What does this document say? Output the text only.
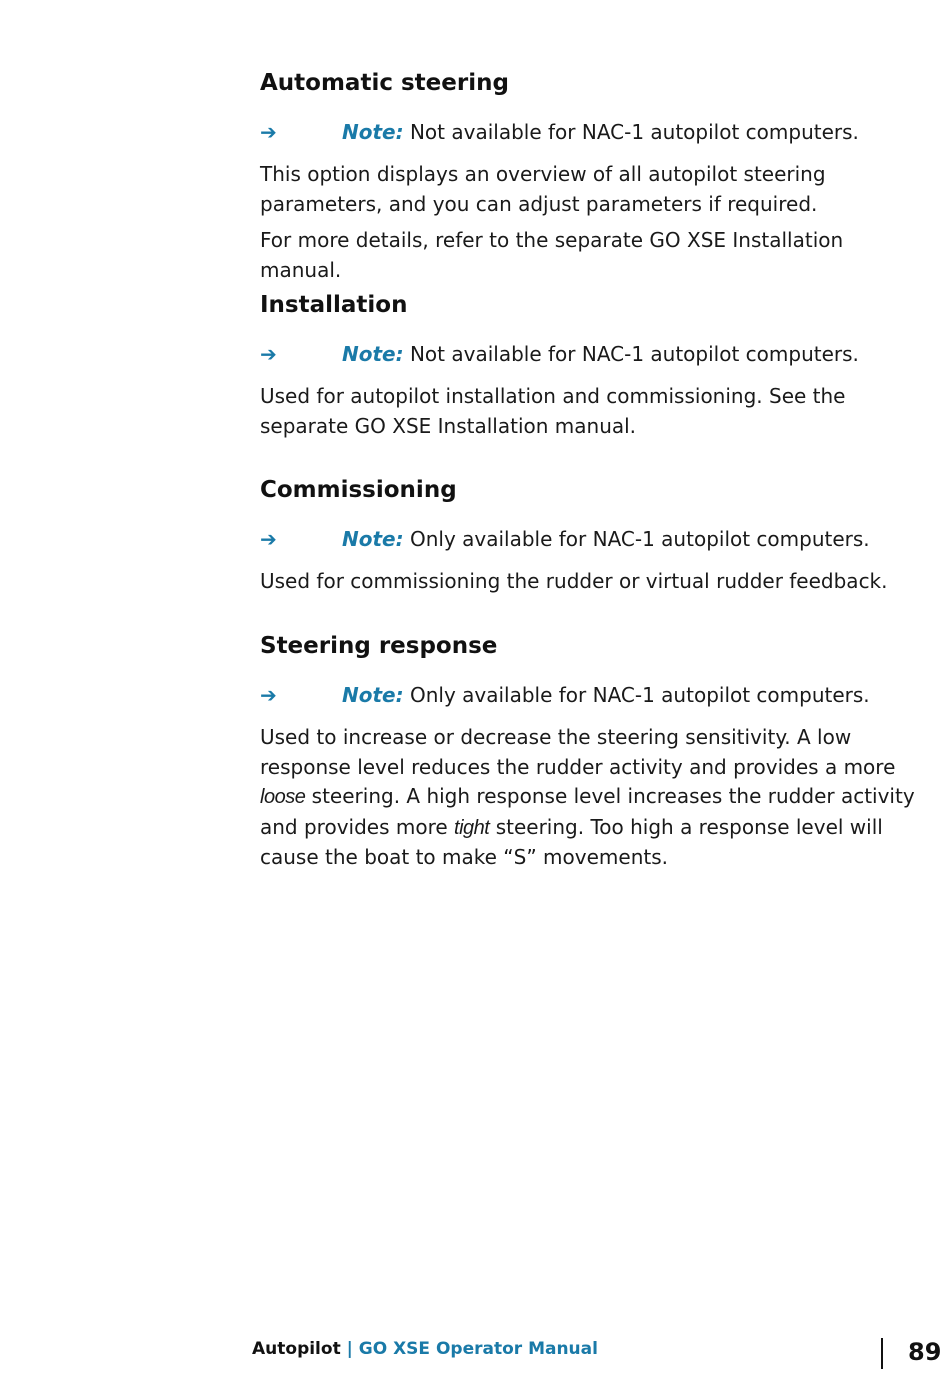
Automatic steering
➔	Note: Not available for NAC-1 autopilot computers.

This option displays an overview of all autopilot steering parameters, and you can adjust parameters if required.

For more details, refer to the separate GO XSE Installation manual.

Installation
➔	Note: Not available for NAC-1 autopilot computers.

Used for autopilot installation and commissioning. See the separate GO XSE Installation manual.

Commissioning
➔	Note: Only available for NAC-1 autopilot computers.

Used for commissioning the rudder or virtual rudder feedback.

Steering response
➔	Note: Only available for NAC-1 autopilot computers.

Used to increase or decrease the steering sensitivity. A low response level reduces the rudder activity and provides a more loose steering. A high response level increases the rudder activity and provides more tight steering. Too high a response level will cause the boat to make “S” movements.

Autopilot | GO XSE Operator Manual	89
